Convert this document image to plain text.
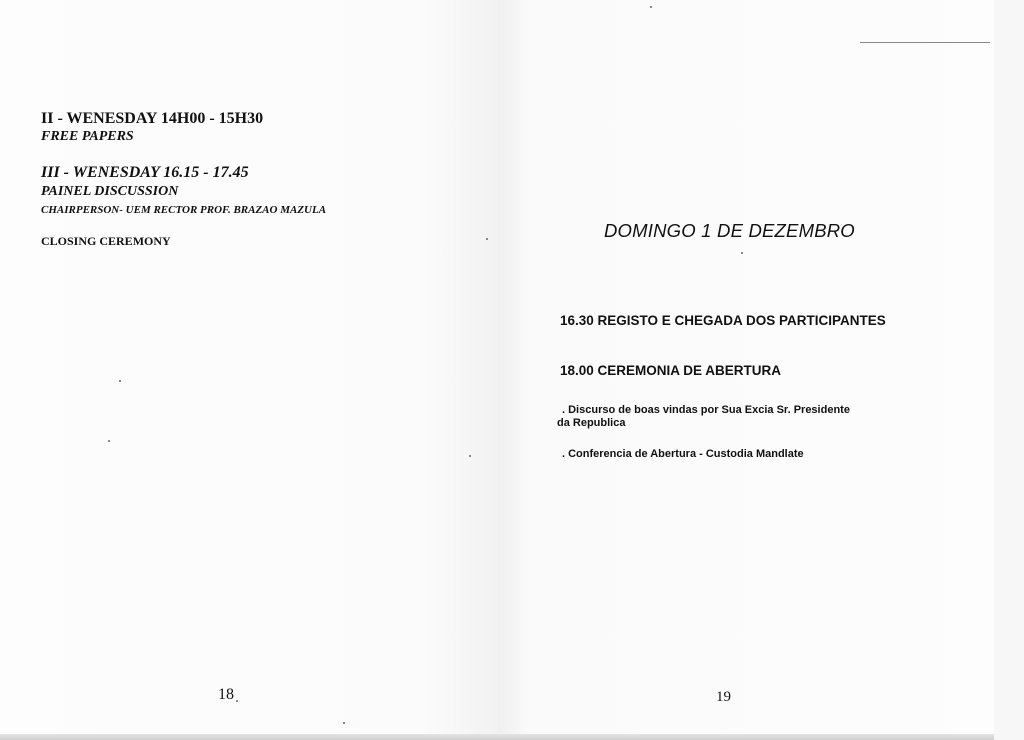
II - WENESDAY 14H00 - 15H30

FREE PAPERS

III - WENESDAY 16.15 - 17.45

PAINEL DISCUSSION

CHAIRPERSON- UEM RECTOR PROF. BRAZAO MAZULA

CLOSING CEREMONY

18

DOMINGO 1 DE DEZEMBRO

16.30 REGISTO E CHEGADA DOS PARTICIPANTES

18.00 CEREMONIA DE ABERTURA

. Discurso de boas vindas por Sua Excia Sr. Presidente

da Republica

. Conferencia de Abertura - Custodia Mandlate

19
